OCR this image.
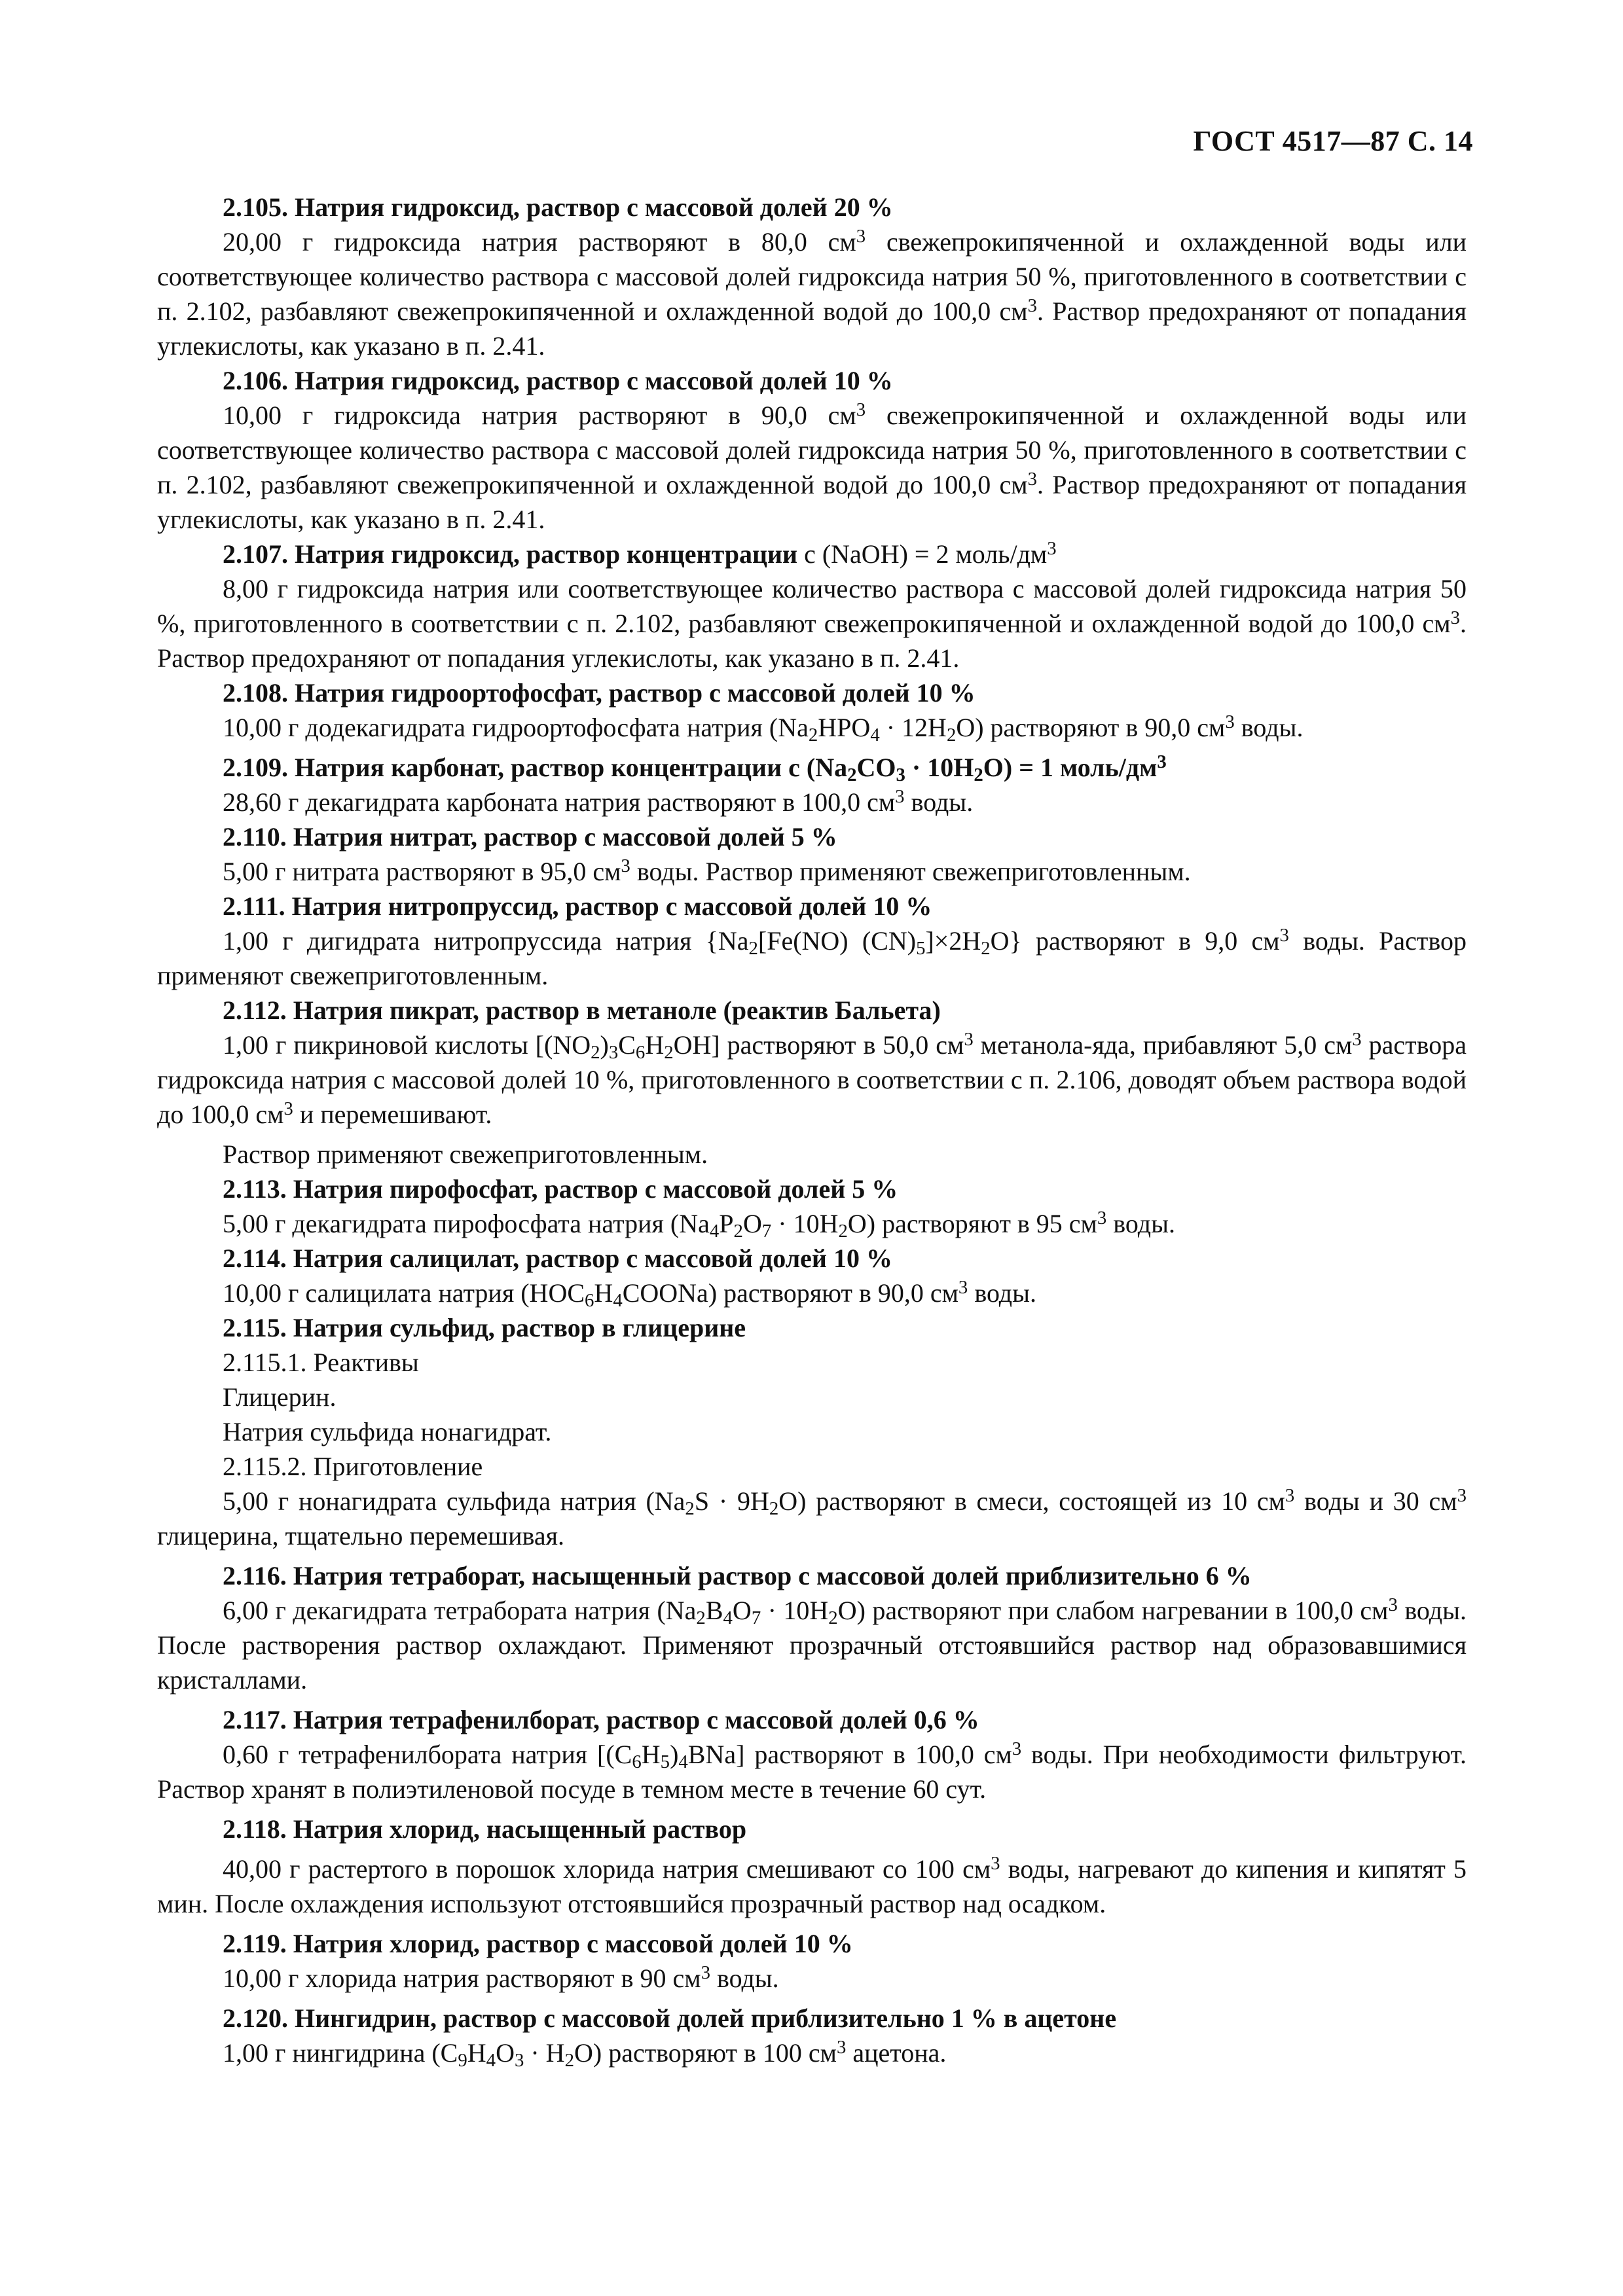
ГОСТ 4517—87 С. 14

2.105. Натрия гидроксид, раствор с массовой долей 20 %

20,00 г гидроксида натрия растворяют в 80,0 $см^3$ свежепрокипяченной и охлажденной воды или соответствующее количество раствора с массовой долей гидроксида натрия 50 %, приготовленного в соответствии с п. 2.102, разбавляют свежепрокипяченной и охлажденной водой до 100,0 $см^3$. Раствор предохраняют от попадания углекислоты, как указано в п. 2.41.

2.106. Натрия гидроксид, раствор с массовой долей 10 %

10,00 г гидроксида натрия растворяют в 90,0 $см^3$ свежепрокипяченной и охлажденной воды или соответствующее количество раствора с массовой долей гидроксида натрия 50 %, приготовленного в соответствии с п. 2.102, разбавляют свежепрокипяченной и охлажденной водой до 100,0 $см^3$. Раствор предохраняют от попадания углекислоты, как указано в п. 2.41.

2.107. Натрия гидроксид, раствор концентрации c (NaOH) = 2 моль/$дм^3$

8,00 г гидроксида натрия или соответствующее количество раствора с массовой долей гидроксида натрия 50 %, приготовленного в соответствии с п. 2.102, разбавляют свежепрокипяченной и охлажденной водой до 100,0 $см^3$. Раствор предохраняют от попадания углекислоты, как указано в п. 2.41.

2.108. Натрия гидроортофосфат, раствор с массовой долей 10 %

10,00 г додекагидрата гидроортофосфата натрия $(Na_2HPO_4 \cdot 12H_2O)$ растворяют в 90,0 $см^3$ воды.

2.109. Натрия карбонат, раствор концентрации c $(Na_2CO_3 \cdot 10H_2O) = 1$ моль/$дм^3$

28,60 г декагидрата карбоната натрия растворяют в 100,0 $см^3$ воды.

2.110. Натрия нитрат, раствор с массовой долей 5 %

5,00 г нитрата растворяют в 95,0 $см^3$ воды. Раствор применяют свежеприготовленным.

2.111. Натрия нитропруссид, раствор с массовой долей 10 %

1,00 г дигидрата нитропруссида натрия {$Na_2[Fe(NO)$ $(CN)_5]\times 2H_2O$} растворяют в 9,0 $см^3$ воды. Раствор применяют свежеприготовленным.

2.112. Натрия пикрат, раствор в метаноле (реактив Бальета)

1,00 г пикриновой кислоты $[(NO_2)_3C_6H_2OH]$ растворяют в 50,0 $см^3$ метанола-яда, прибавляют 5,0 $см^3$ раствора гидроксида натрия с массовой долей 10 %, приготовленного в соответствии с п. 2.106, доводят объем раствора водой до 100,0 $см^3$ и перемешивают.

Раствор применяют свежеприготовленным.

2.113. Натрия пирофосфат, раствор с массовой долей 5 %

5,00 г декагидрата пирофосфата натрия $(Na_4P_2O_7 \cdot 10H_2O)$ растворяют в 95 $см^3$ воды.

2.114. Натрия салицилат, раствор с массовой долей 10 %

10,00 г салицилата натрия $(HOC_6H_4COONa)$ растворяют в 90,0 $см^3$ воды.

2.115. Натрия сульфид, раствор в глицерине

2.115.1. Реактивы

Глицерин.

Натрия сульфида нонагидрат.

2.115.2. Приготовление

5,00 г нонагидрата сульфида натрия $(Na_2S \cdot 9H_2O)$ растворяют в смеси, состоящей из 10 $см^3$ воды и 30 $см^3$ глицерина, тщательно перемешивая.

2.116. Натрия тетраборат, насыщенный раствор с массовой долей приблизительно 6 %

6,00 г декагидрата тетрабората натрия $(Na_2B_4O_7 \cdot 10H_2O)$ растворяют при слабом нагревании в 100,0 $см^3$ воды. После растворения раствор охлаждают. Применяют прозрачный отстоявшийся раствор над образовавшимися кристаллами.

2.117. Натрия тетрафенилборат, раствор с массовой долей 0,6 %

0,60 г тетрафенилбората натрия $[(C_6H_5)_4BNa]$ растворяют в 100,0 $см^3$ воды. При необходимости фильтруют. Раствор хранят в полиэтиленовой посуде в темном месте в течение 60 сут.

2.118. Натрия хлорид, насыщенный раствор

40,00 г растертого в порошок хлорида натрия смешивают со 100 $см^3$ воды, нагревают до кипения и кипятят 5 мин. После охлаждения используют отстоявшийся прозрачный раствор над осадком.

2.119. Натрия хлорид, раствор с массовой долей 10 %

10,00 г хлорида натрия растворяют в 90 $см^3$ воды.

2.120. Нингидрин, раствор с массовой долей приблизительно 1 % в ацетоне

1,00 г нингидрина $(C_9H_4O_3 \cdot H_2O)$ растворяют в 100 $см^3$ ацетона.
